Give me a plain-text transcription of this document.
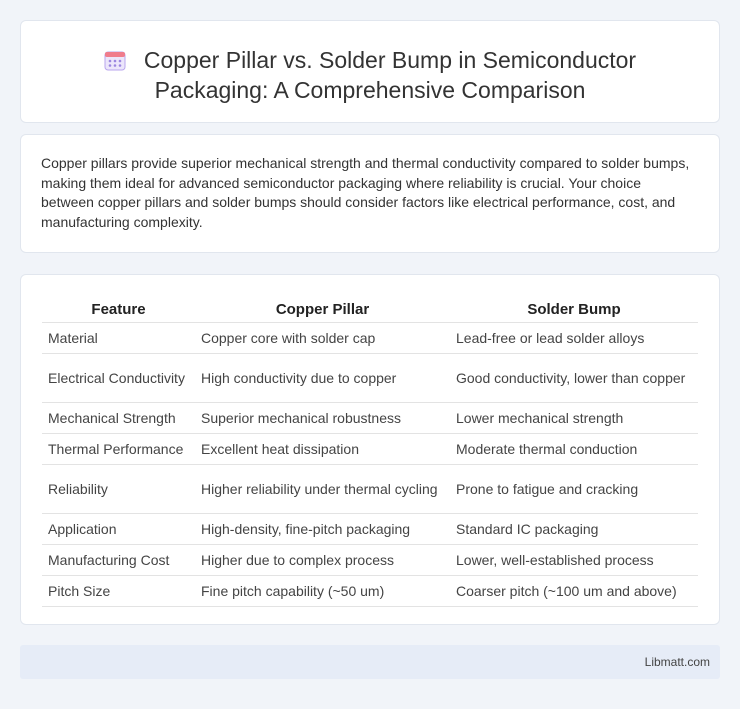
Copper Pillar vs. Solder Bump in Semiconductor
Packaging: A Comprehensive Comparison
Copper pillars provide superior mechanical strength and thermal conductivity compared to solder bumps, making them ideal for advanced semiconductor packaging where reliability is crucial. Your choice between copper pillars and solder bumps should consider factors like electrical performance, cost, and manufacturing complexity.
Feature	Copper Pillar	Solder Bump
Material	Copper core with solder cap	Lead-free or lead solder alloys
Electrical Conductivity	High conductivity due to copper	Good conductivity, lower than copper
Mechanical Strength	Superior mechanical robustness	Lower mechanical strength
Thermal Performance	Excellent heat dissipation	Moderate thermal conduction
Reliability	Higher reliability under thermal cycling	Prone to fatigue and cracking
Application	High-density, fine-pitch packaging	Standard IC packaging
Manufacturing Cost	Higher due to complex process	Lower, well-established process
Pitch Size	Fine pitch capability (~50 um)	Coarser pitch (~100 um and above)
Libmatt.com
